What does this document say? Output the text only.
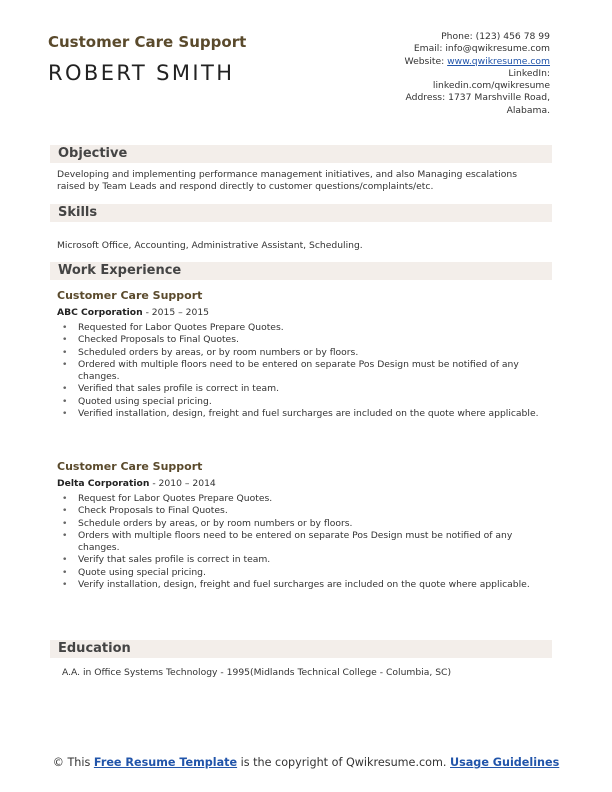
Customer Care Support
ROBERT SMITH
Phone: (123) 456 78 99
Email: info@qwikresume.com
Website: www.qwikresume.com
LinkedIn:
linkedin.com/qwikresume
Address: 1737 Marshville Road,
Alabama.
Objective
Developing and implementing performance management initiatives, and also Managing escalations raised by Team Leads and respond directly to customer questions/complaints/etc.
Skills
Microsoft Office, Accounting, Administrative Assistant, Scheduling.
Work Experience
Customer Care Support
ABC Corporation - 2015 – 2015
• Requested for Labor Quotes Prepare Quotes.
• Checked Proposals to Final Quotes.
• Scheduled orders by areas, or by room numbers or by floors.
• Ordered with multiple floors need to be entered on separate Pos Design must be notified of any changes.
• Verified that sales profile is correct in team.
• Quoted using special pricing.
• Verified installation, design, freight and fuel surcharges are included on the quote where applicable.
Customer Care Support
Delta Corporation - 2010 – 2014
• Request for Labor Quotes Prepare Quotes.
• Check Proposals to Final Quotes.
• Schedule orders by areas, or by room numbers or by floors.
• Orders with multiple floors need to be entered on separate Pos Design must be notified of any changes.
• Verify that sales profile is correct in team.
• Quote using special pricing.
• Verify installation, design, freight and fuel surcharges are included on the quote where applicable.
Education
A.A. in Office Systems Technology - 1995(Midlands Technical College - Columbia, SC)
© This Free Resume Template is the copyright of Qwikresume.com. Usage Guidelines
